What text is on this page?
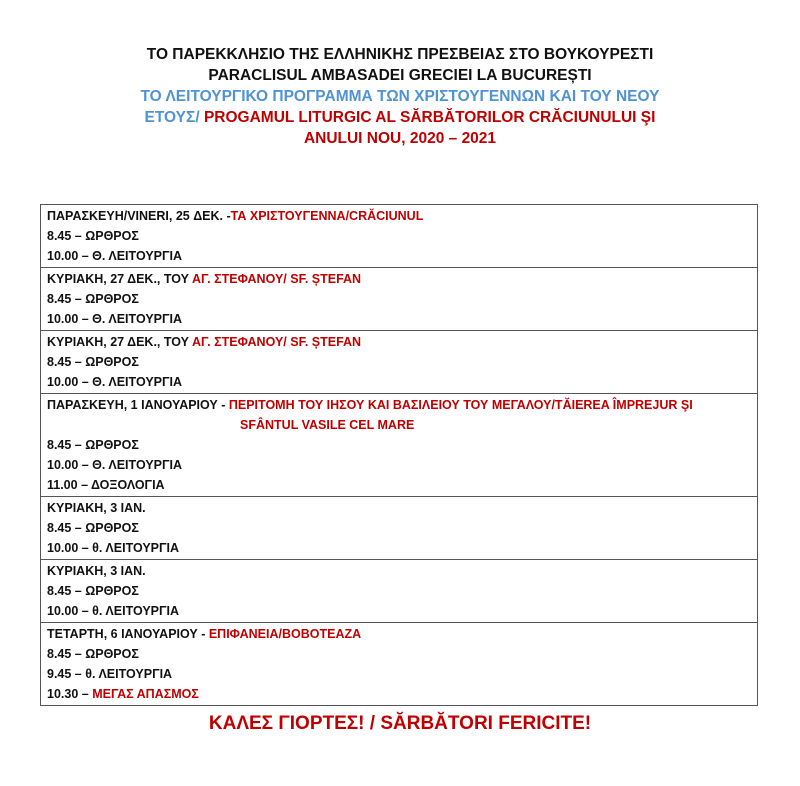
ΤΟ ΠΑΡΕΚΚΛΗΣΙΟ ΤΗΣ ΕΛΛΗΝΙΚΗΣ ΠΡΕΣΒΕΙΑΣ ΣΤΟ ΒΟΥΚΟΥΡΕΣΤΙ
PARACLISUL AMBASADEI GRECIEI LA BUCUREȘTI
ΤΟ ΛΕΙΤΟΥΡΓΙΚΟ ΠΡΟΓΡΑΜΜΑ ΤΩΝ ΧΡΙΣΤΟΥΓΕΝΝΩΝ ΚΑΙ ΤΟΥ ΝΕΟΥ
ΕΤΟΥΣ/ PROGAMUL LITURGIC AL SĂRBĂTORILOR CRĂCIUNULUI ŞI
ANULUI NOU, 2020 – 2021
ΠΑΡΑΣΚΕΥΗ/VINERI, 25 ΔΕΚ. -ΤΑ ΧΡΙΣΤΟΥΓΕΝΝΑ/CRĂCIUNUL
8.45 – ΩΡΘΡΟΣ
10.00 – Θ. ΛΕΙΤΟΥΡΓΙΑ

ΚΥΡΙΑΚΗ, 27 ΔΕΚ., ΤΟΥ ΑΓ. ΣΤΕΦΑΝΟΥ/ SF. ȘTEFAN
8.45 – ΩΡΘΡΟΣ
10.00 – Θ. ΛΕΙΤΟΥΡΓΙΑ

ΚΥΡΙΑΚΗ, 27 ΔΕΚ., ΤΟΥ ΑΓ. ΣΤΕΦΑΝΟΥ/ SF. ȘTEFAN
8.45 – ΩΡΘΡΟΣ
10.00 – Θ. ΛΕΙΤΟΥΡΓΙΑ

ΠΑΡΑΣΚΕΥΗ, 1 ΙΑΝΟΥΑΡΙΟΥ - ΠΕΡΙΤΟΜΗ ΤΟΥ ΙΗΣΟΥ ΚΑΙ ΒΑΣΙΛΕΙΟΥ ΤΟΥ ΜΕΓΑΛΟΥ/TĂIEREA ÎMPREJUR ŞI
SFÂNTUL VASILE CEL MARE
8.45 – ΩΡΘΡΟΣ
10.00 – Θ. ΛΕΙΤΟΥΡΓΙΑ
11.00 – ΔΟΞΟΛΟΓΙΑ

ΚΥΡΙΑΚΗ, 3 ΙΑΝ.
8.45 – ΩΡΘΡΟΣ
10.00 – θ. ΛΕΙΤΟΥΡΓΙΑ

ΚΥΡΙΑΚΗ, 3 ΙΑΝ.
8.45 – ΩΡΘΡΟΣ
10.00 – θ. ΛΕΙΤΟΥΡΓΙΑ

ΤΕΤΑΡΤΗ, 6 ΙΑΝΟΥΑΡΙΟΥ - ΕΠΙΦΑΝΕΙΑ/BOBOTEAZA
8.45 – ΩΡΘΡΟΣ
9.45 – θ. ΛΕΙΤΟΥΡΓΙΑ
10.30 – ΜΕΓΑΣ ΑΠΑΣΜΟΣ
ΚΑΛΕΣ ΓΙΟΡΤΕΣ! / SĂRBĂTORI FERICITE!
